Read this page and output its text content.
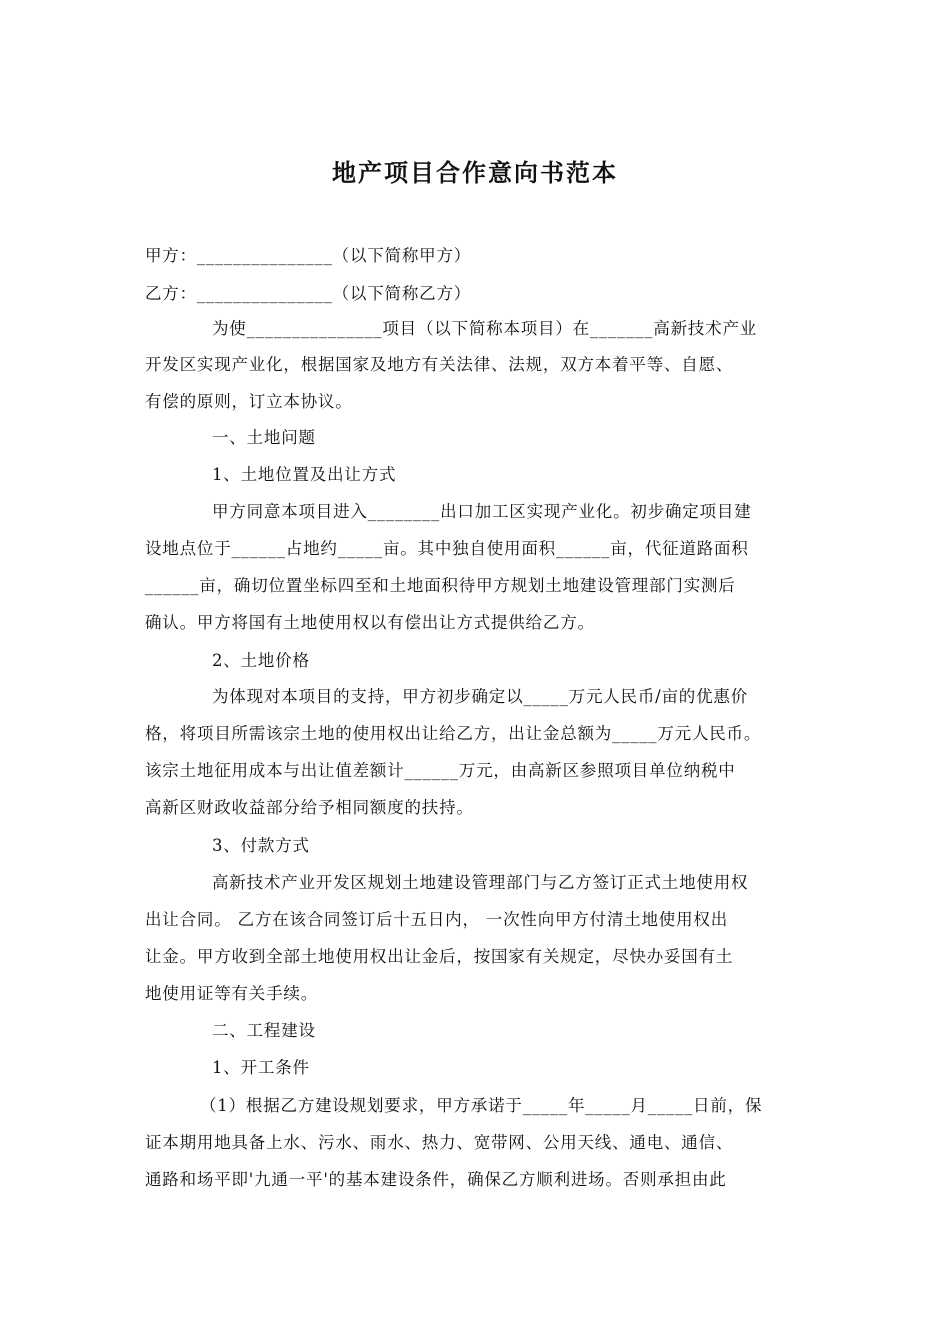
地产项目合作意向书范本
甲方：_______________（以下简称甲方）
乙方：_______________（以下简称乙方）
为使_______________项目（以下简称本项目）在_______高新技术产业
开发区实现产业化，根据国家及地方有关法律、法规，双方本着平等、自愿、
有偿的原则，订立本协议。
一、土地问题
1、土地位置及出让方式
甲方同意本项目进入________出口加工区实现产业化。初步确定项目建
设地点位于______占地约_____亩。其中独自使用面积______亩，代征道路面积
______亩，确切位置坐标四至和土地面积待甲方规划土地建设管理部门实测后
确认。甲方将国有土地使用权以有偿出让方式提供给乙方。
2、土地价格
为体现对本项目的支持，甲方初步确定以_____万元人民币/亩的优惠价
格，将项目所需该宗土地的使用权出让给乙方，出让金总额为_____万元人民币。
该宗土地征用成本与出让值差额计______万元，由高新区参照项目单位纳税中
高新区财政收益部分给予相同额度的扶持。
3、付款方式
高新技术产业开发区规划土地建设管理部门与乙方签订正式土地使用权
出让合同。 乙方在该合同签订后十五日内， 一次性向甲方付清土地使用权出
让金。甲方收到全部土地使用权出让金后，按国家有关规定，尽快办妥国有土
地使用证等有关手续。
二、工程建设
1、开工条件
（1）根据乙方建设规划要求，甲方承诺于_____年_____月_____日前，保
证本期用地具备上水、污水、雨水、热力、宽带网、公用天线、通电、通信、
通路和场平即'九通一平'的基本建设条件，确保乙方顺利进场。否则承担由此
